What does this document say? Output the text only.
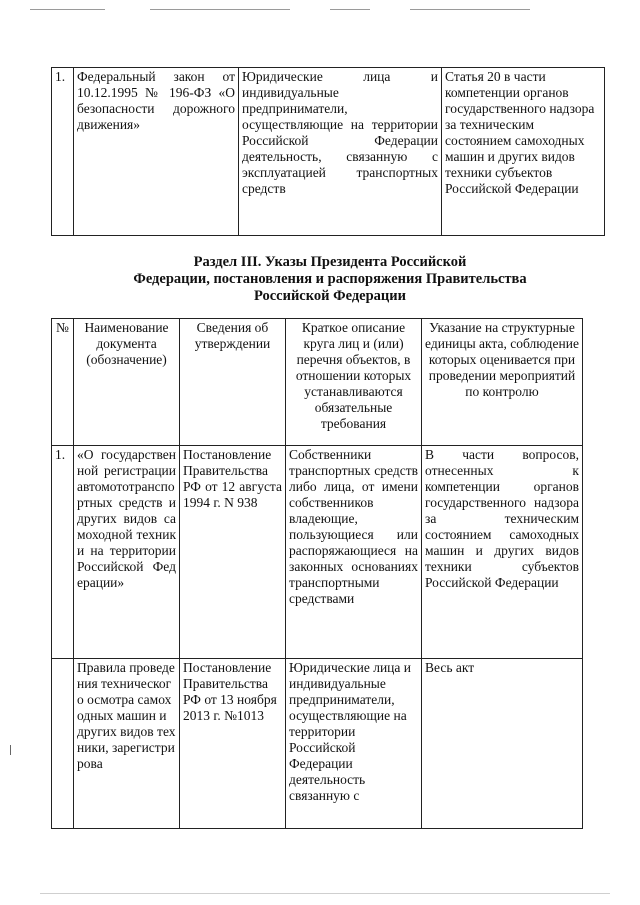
1.	Федеральный закон от 10.12.1995 № 196-ФЗ «О безопасности дорожного движения»	Юридические лица и индивидуальные предприниматели, осуществляющие на территории Российской Федерации деятельность, связанную с эксплуатацией транспортных средств	Статья 20 в части компетенции органов государственного надзора за техническим состоянием самоходных машин и других видов техники субъектов Российской Федерации
Раздел III. Указы Президента Российской
Федерации, постановления и распоряжения Правительства
Российской Федерации
№	Наименование документа (обозначение)	Сведения об утверждении	Краткое описание круга лиц и (или) перечня объектов, в отношении которых устанавливаются обязательные требования	Указание на структурные единицы акта, соблюдение которых оценивается при проведении мероприятий по контролю
1.	«О государственной регистрации автомототранспортных средств и других видов самоходной техники на территории Российской Федерации»	Постановление Правительства РФ от 12 августа 1994 г. N 938	Собственники транспортных средств либо лица, от имени собственников владеющие, пользующиеся или распоряжающиеся на законных основаниях транспортными средствами	В части вопросов, отнесенных к компетенции органов государственного надзора за техническим состоянием самоходных машин и других видов техники субъектов Российской Федерации
	Правила проведения технического осмотра самоходных машин и других видов техники, зарегистрирова	Постановление Правительства РФ от 13 ноября 2013 г. №1013	Юридические лица и индивидуальные предприниматели, осуществляющие на территории Российской Федерации деятельность связанную с	Весь акт
